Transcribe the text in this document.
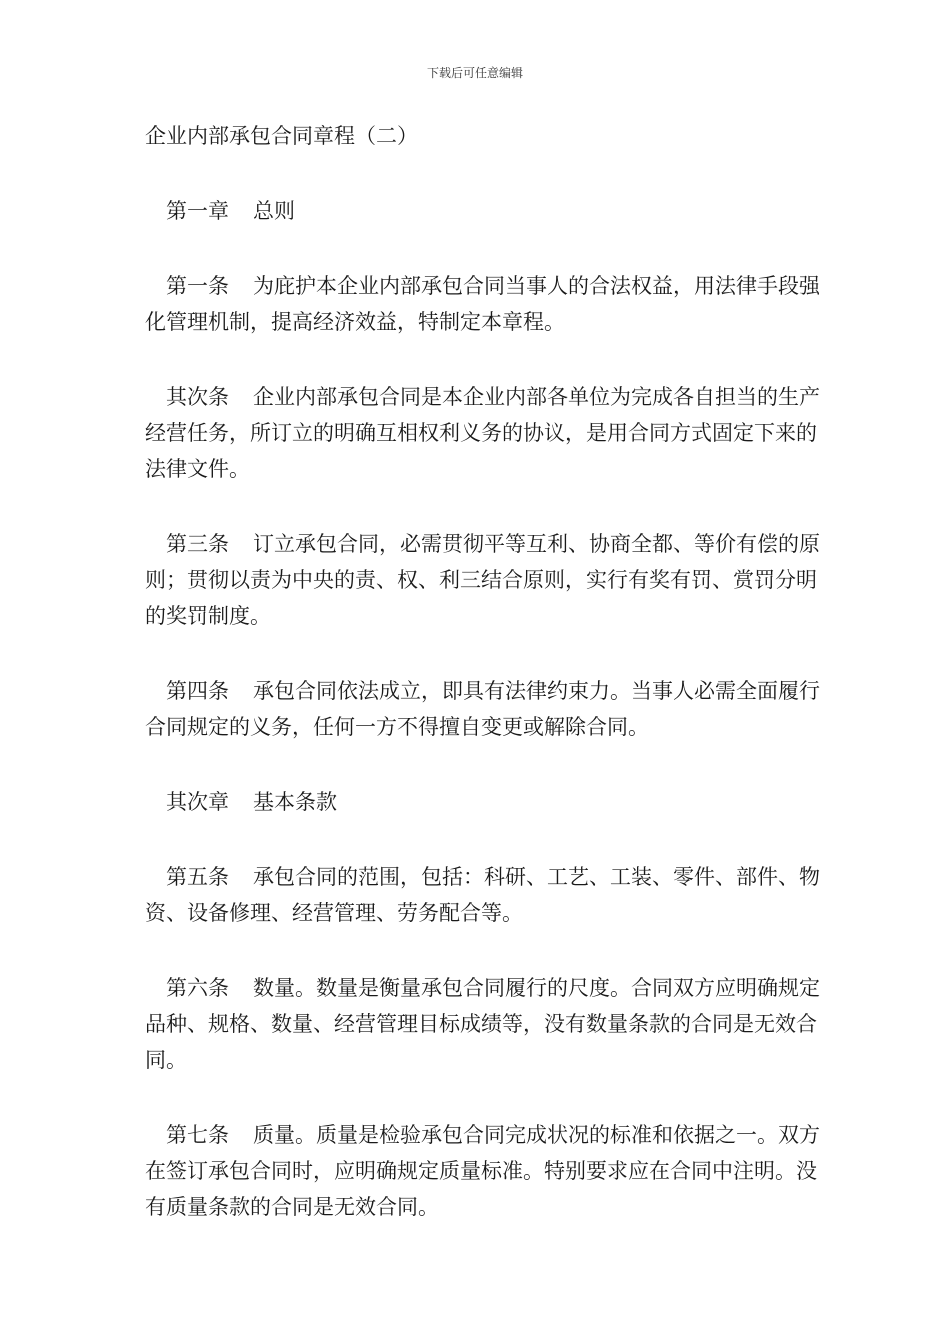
下载后可任意编辑

企业内部承包合同章程（二）

第一章 总则

第一条 为庇护本企业内部承包合同当事人的合法权益，用法律手段强化管理机制，提高经济效益，特制定本章程。

其次条 企业内部承包合同是本企业内部各单位为完成各自担当的生产经营任务，所订立的明确互相权利义务的协议，是用合同方式固定下来的法律文件。

第三条 订立承包合同，必需贯彻平等互利、协商全都、等价有偿的原则；贯彻以责为中央的责、权、利三结合原则，实行有奖有罚、赏罚分明的奖罚制度。

第四条 承包合同依法成立，即具有法律约束力。当事人必需全面履行合同规定的义务，任何一方不得擅自变更或解除合同。

其次章 基本条款

第五条 承包合同的范围，包括：科研、工艺、工装、零件、部件、物资、设备修理、经营管理、劳务配合等。

第六条 数量。数量是衡量承包合同履行的尺度。合同双方应明确规定品种、规格、数量、经营管理目标成绩等，没有数量条款的合同是无效合同。

第七条 质量。质量是检验承包合同完成状况的标准和依据之一。双方在签订承包合同时，应明确规定质量标准。特别要求应在合同中注明。没有质量条款的合同是无效合同。
